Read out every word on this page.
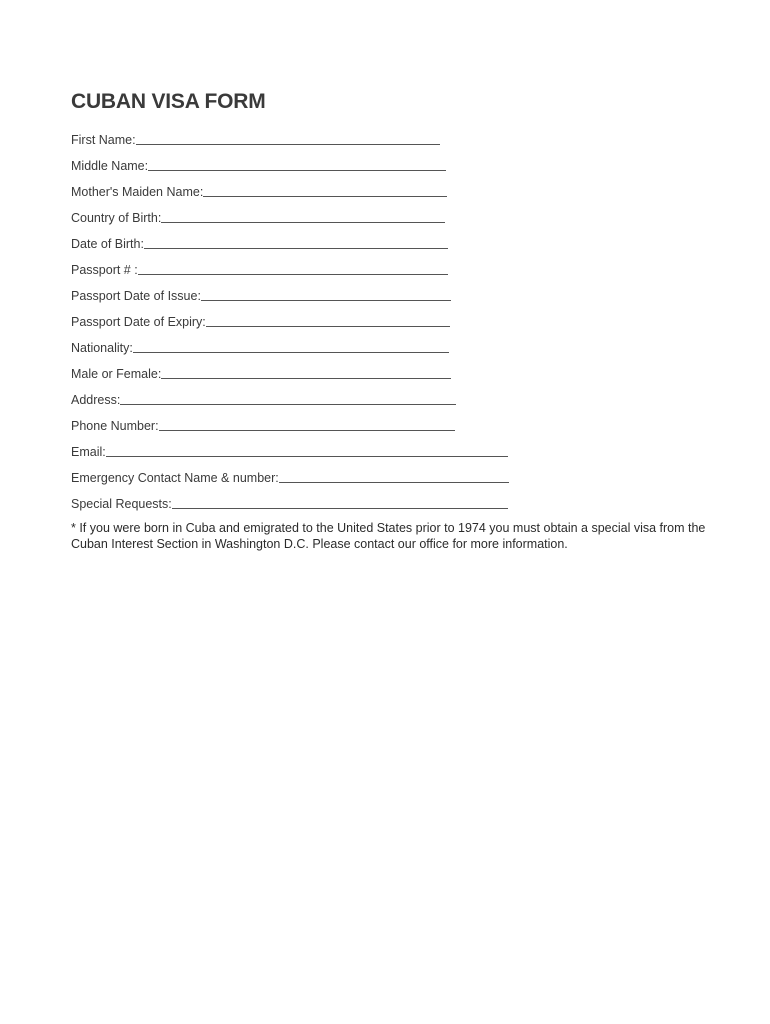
CUBAN VISA FORM
First Name:
Middle Name:
Mother's Maiden Name:
Country of Birth:
Date of Birth:
Passport # :
Passport Date of Issue:
Passport Date of Expiry:
Nationality:
Male or Female:
Address:
Phone Number:
Email:
Emergency Contact Name & number:
Special Requests:

* If you were born in Cuba and emigrated to the United States prior to 1974 you must obtain a special visa from the Cuban Interest Section in Washington D.C. Please contact our office for more information.
